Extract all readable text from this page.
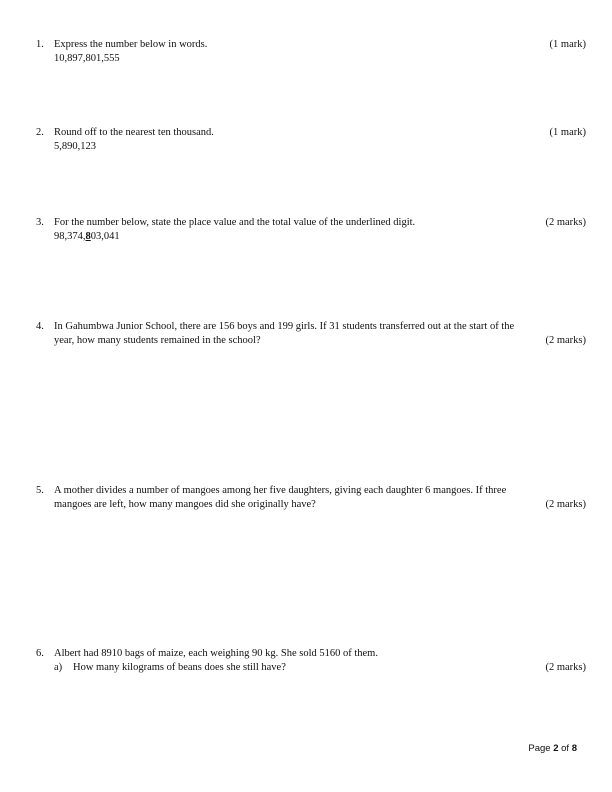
1. Express the number below in words.	(1 mark)
10,897,801,555
2. Round off to the nearest ten thousand.	(1 mark)
5,890,123
3. For the number below, state the place value and the total value of the underlined digit.	(2 marks)
98,374,803,041
4. In Gahumbwa Junior School, there are 156 boys and 199 girls. If 31 students transferred out at the start of the
year, how many students remained in the school?	(2 marks)
5. A mother divides a number of mangoes among her five daughters, giving each daughter 6 mangoes. If three
mangoes are left, how many mangoes did she originally have?	(2 marks)
6. Albert had 8910 bags of maize, each weighing 90 kg. She sold 5160 of them.
a) How many kilograms of beans does she still have?	(2 marks)
Page 2 of 8
